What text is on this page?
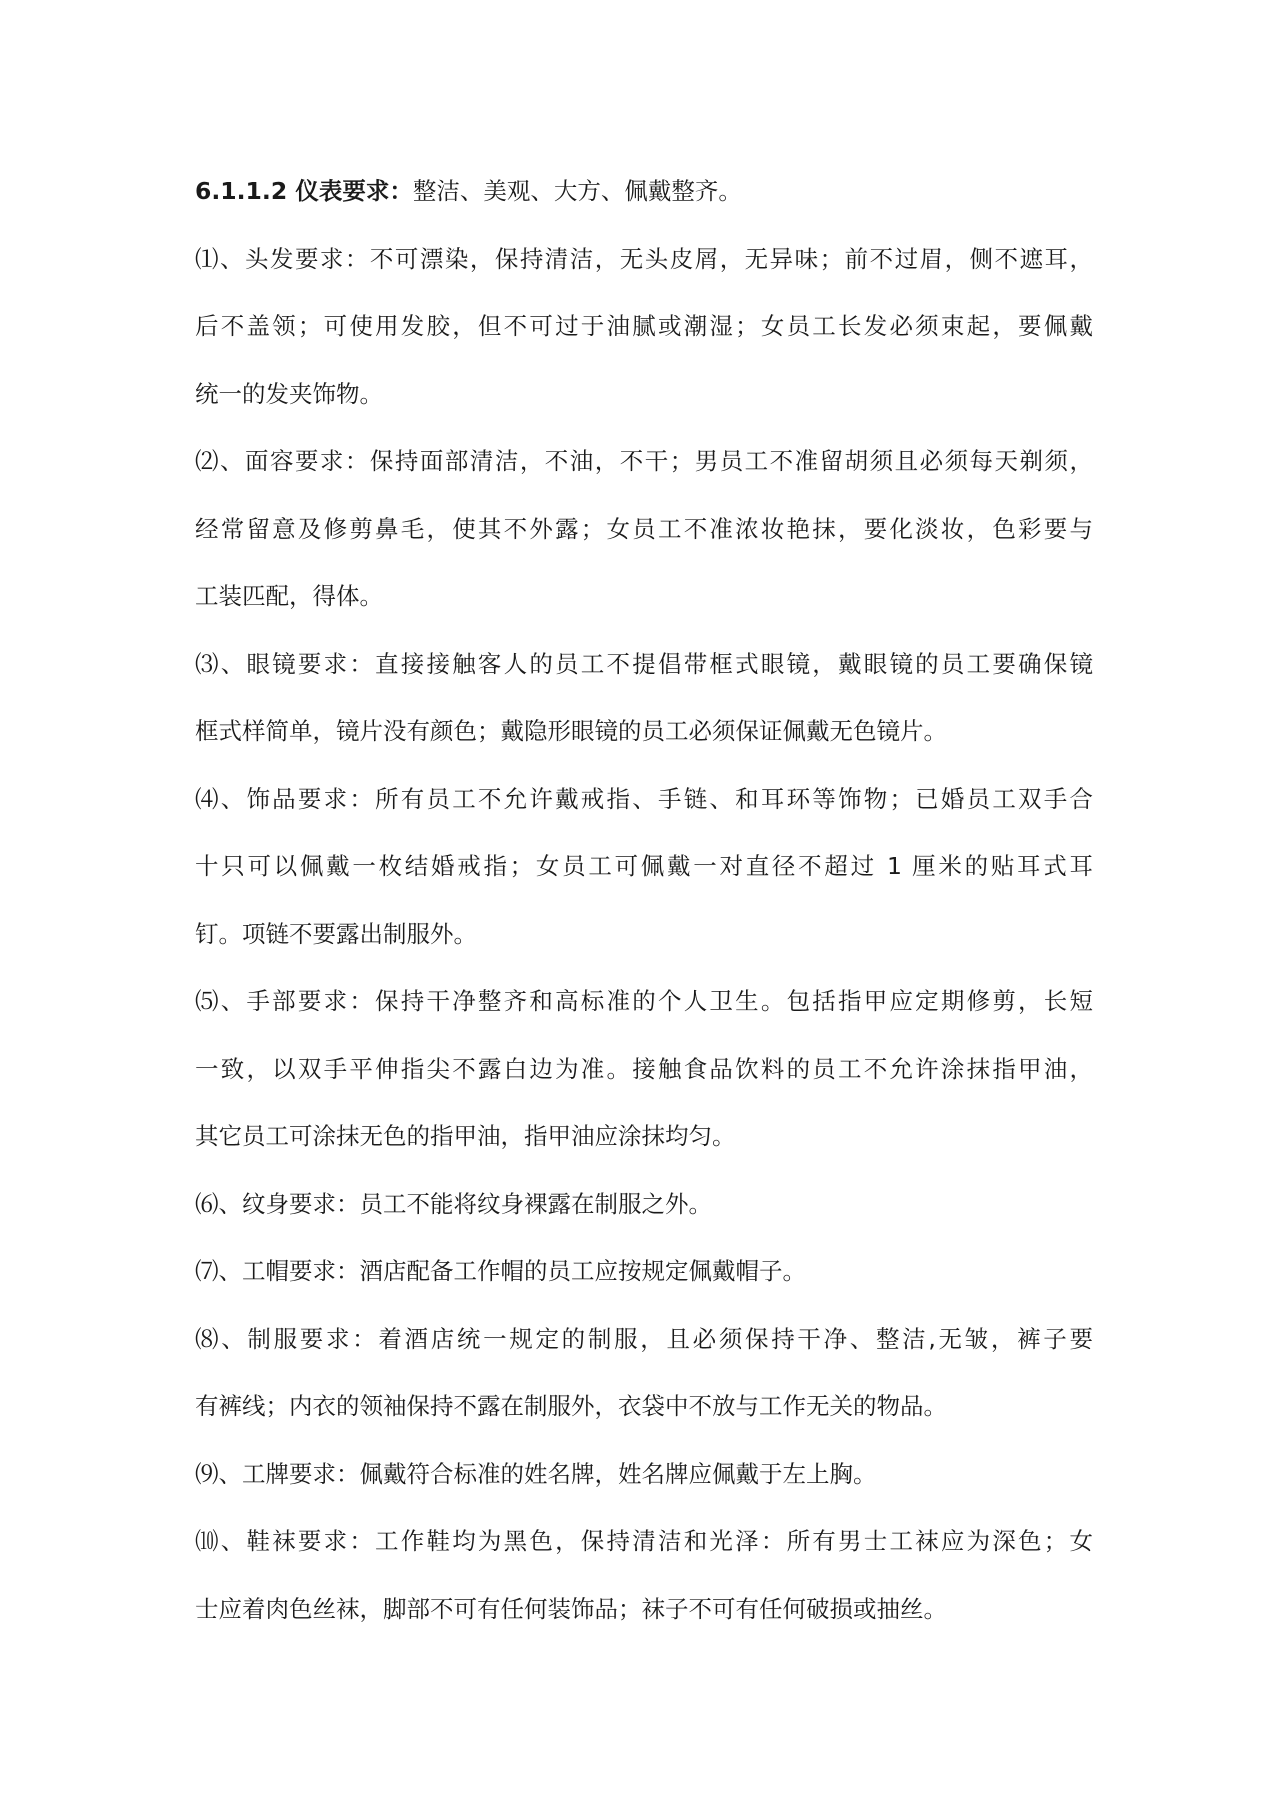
6.1.1.2 仪表要求：整洁、美观、大方、佩戴整齐。
⑴、头发要求：不可漂染，保持清洁，无头皮屑，无异味；前不过眉，侧不遮耳，
后不盖领；可使用发胶，但不可过于油腻或潮湿；女员工长发必须束起，要佩戴
统一的发夹饰物。
⑵、面容要求：保持面部清洁，不油，不干；男员工不准留胡须且必须每天剃须，
经常留意及修剪鼻毛，使其不外露；女员工不准浓妆艳抹，要化淡妆，色彩要与
工装匹配，得体。
⑶、眼镜要求：直接接触客人的员工不提倡带框式眼镜，戴眼镜的员工要确保镜
框式样简单，镜片没有颜色；戴隐形眼镜的员工必须保证佩戴无色镜片。
⑷、饰品要求：所有员工不允许戴戒指、手链、和耳环等饰物；已婚员工双手合
十只可以佩戴一枚结婚戒指；女员工可佩戴一对直径不超过 1 厘米的贴耳式耳
钉。项链不要露出制服外。
⑸、手部要求：保持干净整齐和高标准的个人卫生。包括指甲应定期修剪，长短
一致，以双手平伸指尖不露白边为准。接触食品饮料的员工不允许涂抹指甲油，
其它员工可涂抹无色的指甲油，指甲油应涂抹均匀。
⑹、纹身要求：员工不能将纹身裸露在制服之外。
⑺、工帽要求：酒店配备工作帽的员工应按规定佩戴帽子。
⑻、制服要求：着酒店统一规定的制服，且必须保持干净、整洁,无皱，裤子要
有裤线；内衣的领袖保持不露在制服外，衣袋中不放与工作无关的物品。
⑼、工牌要求：佩戴符合标准的姓名牌，姓名牌应佩戴于左上胸。
⑽、鞋袜要求：工作鞋均为黑色，保持清洁和光泽：所有男士工袜应为深色；女
士应着肉色丝袜，脚部不可有任何装饰品；袜子不可有任何破损或抽丝。
